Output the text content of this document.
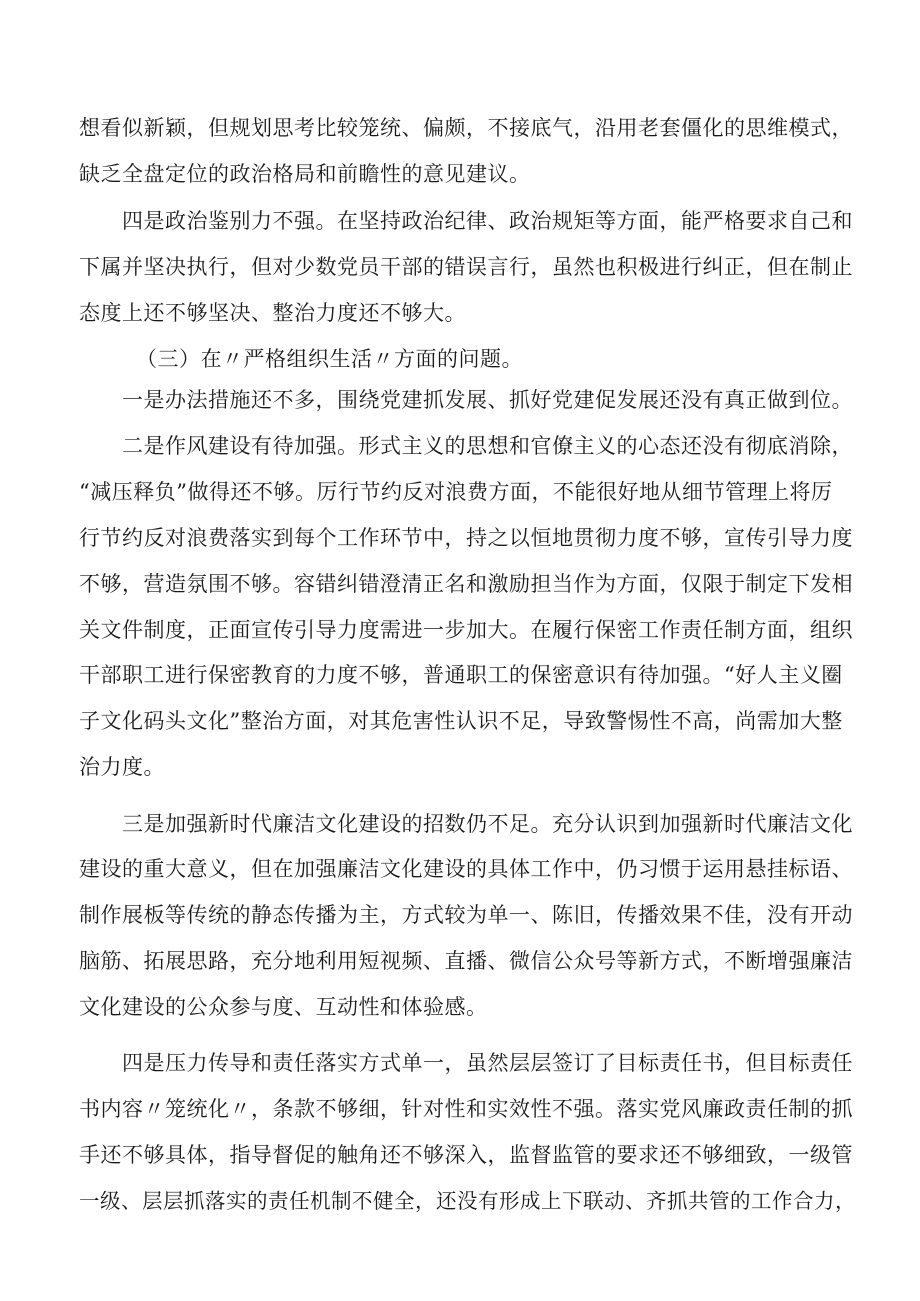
想看似新颖，但规划思考比较笼统、偏颇，不接底气，沿用老套僵化的思维模式，
缺乏全盘定位的政治格局和前瞻性的意见建议。
四是政治鉴别力不强。在坚持政治纪律、政治规矩等方面，能严格要求自己和
下属并坚决执行，但对少数党员干部的错误言行，虽然也积极进行纠正，但在制止
态度上还不够坚决、整治力度还不够大。
（三）在〃严格组织生活〃方面的问题。
一是办法措施还不多，围绕党建抓发展、抓好党建促发展还没有真正做到位。
二是作风建设有待加强。形式主义的思想和官僚主义的心态还没有彻底消除，
“减压释负”做得还不够。厉行节约反对浪费方面，不能很好地从细节管理上将厉
行节约反对浪费落实到每个工作环节中，持之以恒地贯彻力度不够，宣传引导力度
不够，营造氛围不够。容错纠错澄清正名和激励担当作为方面，仅限于制定下发相
关文件制度，正面宣传引导力度需进一步加大。在履行保密工作责任制方面，组织
干部职工进行保密教育的力度不够，普通职工的保密意识有待加强。“好人主义圈
子文化码头文化”整治方面，对其危害性认识不足，导致警惕性不高，尚需加大整
治力度。
三是加强新时代廉洁文化建设的招数仍不足。充分认识到加强新时代廉洁文化
建设的重大意义，但在加强廉洁文化建设的具体工作中，仍习惯于运用悬挂标语、
制作展板等传统的静态传播为主，方式较为单一、陈旧，传播效果不佳，没有开动
脑筋、拓展思路，充分地利用短视频、直播、微信公众号等新方式，不断增强廉洁
文化建设的公众参与度、互动性和体验感。
四是压力传导和责任落实方式单一，虽然层层签订了目标责任书，但目标责任
书内容〃笼统化〃，条款不够细，针对性和实效性不强。落实党风廉政责任制的抓
手还不够具体，指导督促的触角还不够深入，监督监管的要求还不够细致，一级管
一级、层层抓落实的责任机制不健全，还没有形成上下联动、齐抓共管的工作合力，
